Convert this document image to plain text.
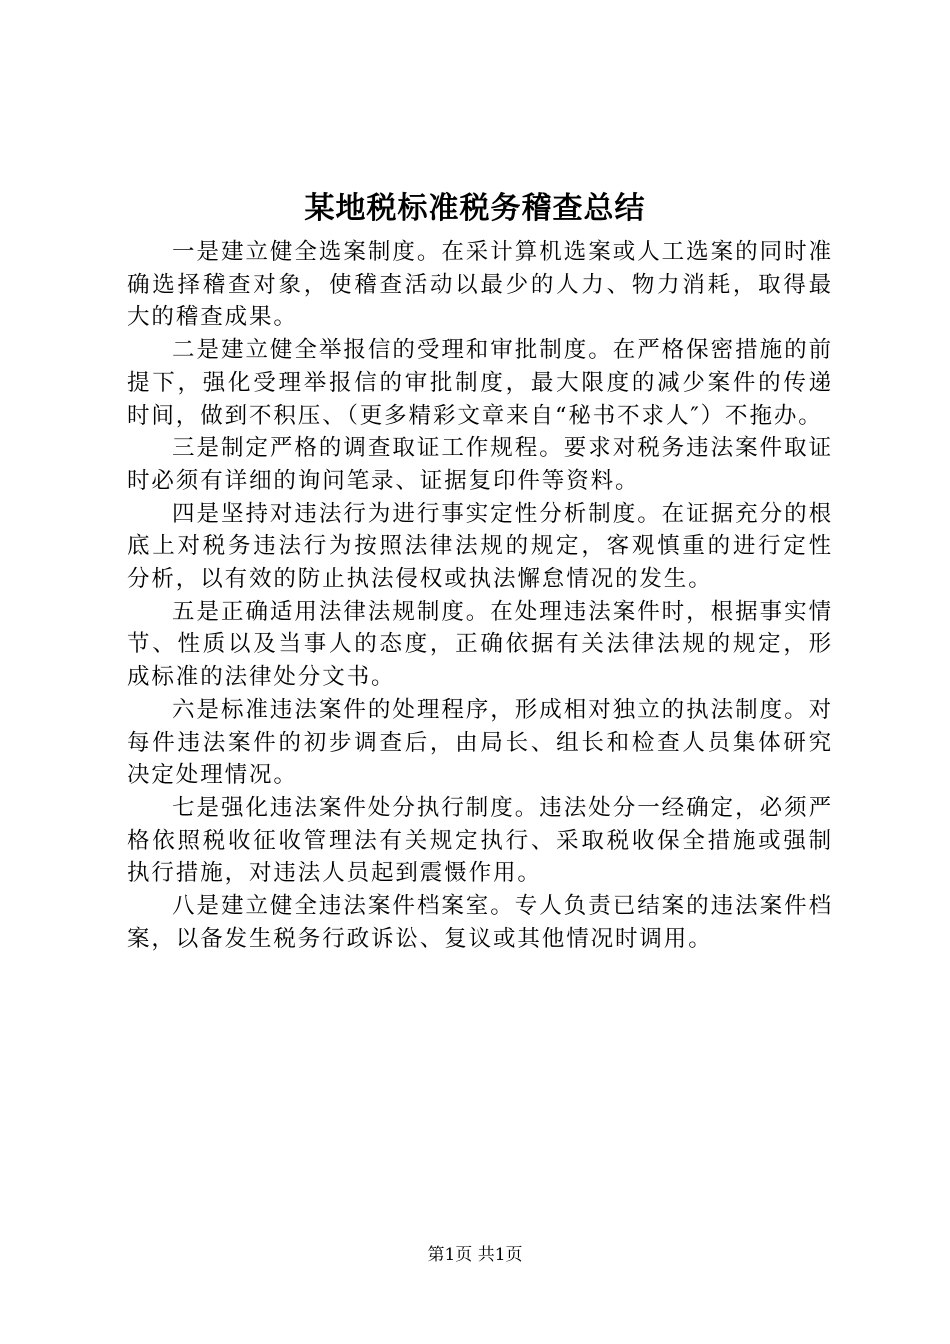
某地税标准税务稽查总结

一是建立健全选案制度。在采计算机选案或人工选案的同时准确选择稽查对象，使稽查活动以最少的人力、物力消耗，取得最大的稽查成果。

二是建立健全举报信的受理和审批制度。在严格保密措施的前提下，强化受理举报信的审批制度，最大限度的减少案件的传递时间，做到不积压、（更多精彩文章来自“秘书不求人″）不拖办。

三是制定严格的调查取证工作规程。要求对税务违法案件取证时必须有详细的询问笔录、证据复印件等资料。

四是坚持对违法行为进行事实定性分析制度。在证据充分的根底上对税务违法行为按照法律法规的规定，客观慎重的进行定性分析，以有效的防止执法侵权或执法懈怠情况的发生。

五是正确适用法律法规制度。在处理违法案件时，根据事实情节、性质以及当事人的态度，正确依据有关法律法规的规定，形成标准的法律处分文书。

六是标准违法案件的处理程序，形成相对独立的执法制度。对每件违法案件的初步调查后，由局长、组长和检查人员集体研究决定处理情况。

七是强化违法案件处分执行制度。违法处分一经确定，必须严格依照税收征收管理法有关规定执行、采取税收保全措施或强制执行措施，对违法人员起到震慑作用。

八是建立健全违法案件档案室。专人负责已结案的违法案件档案，以备发生税务行政诉讼、复议或其他情况时调用。

第1页 共1页
